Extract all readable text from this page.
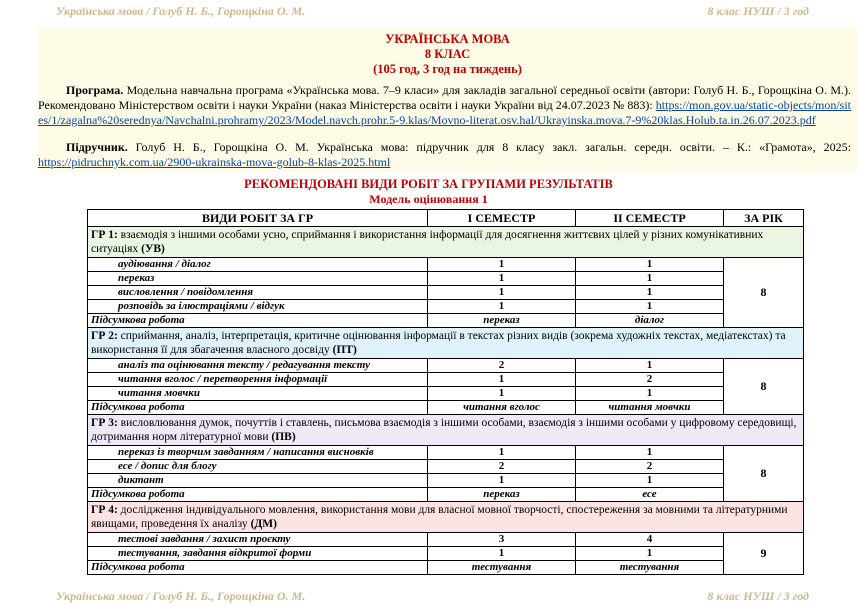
Українська мова / Голуб Н. Б., Горощкіна О. М.	8 клас НУШ / 3 год
УКРАЇНСЬКА МОВА
8 КЛАС
(105 год, 3 год на тиждень)
Програма. Модельна навчальна програма «Українська мова. 7–9 класи» для закладів загальної середньої освіти (автори: Голуб Н. Б., Горощкіна О. М.). Рекомендовано Міністерством освіти і науки України (наказ Міністерства освіти і науки України від 24.07.2023 № 883): https://mon.gov.ua/static-objects/mon/sites/1/zagalna%20serednya/Navchalni.prohramy/2023/Model.navch.prohr.5-9.klas/Movno-literat.osv.hal/Ukrayinska.mova.7-9%20klas.Holub.ta.in.26.07.2023.pdf
Підручник. Голуб Н. Б., Горощкіна О. М. Українська мова: підручник для 8 класу закл. загальн. середн. освіти. – К.: «Грамота», 2025: https://pidruchnyk.com.ua/2900-ukrainska-mova-golub-8-klas-2025.html
РЕКОМЕНДОВАНІ ВИДИ РОБІТ ЗА ГРУПАМИ РЕЗУЛЬТАТІВ
Модель оцінювання 1
ВИДИ РОБІТ ЗА ГР	І СЕМЕСТР	ІІ СЕМЕСТР	ЗА РІК
ГР 1: взаємодія з іншими особами усно, сприймання і використання інформації для досягнення життєвих цілей у різних комунікативних ситуаціях (УВ)			
аудіювання / діалог	1	1	8
переказ	1	1	
висловлення / повідомлення	1	1	
розповідь за ілюстраціями / відгук	1	1	
Підсумкова робота	переказ	діалог	
ГР 2: сприймання, аналіз, інтерпретація, критичне оцінювання інформації в текстах різних видів (зокрема художніх текстах, медіатекстах) та використання її для збагачення власного досвіду (ПТ)			
аналіз та оцінювання тексту / редагування тексту	2	1	8
читання вголос / перетворення інформації	1	2	
читання мовчки	1	1	
Підсумкова робота	читання вголос	читання мовчки	
ГР 3: висловлювання думок, почуттів і ставлень, письмова взаємодія з іншими особами, взаємодія з іншими особами у цифровому середовищі, дотримання норм літературної мови (ПВ)			
переказ із творчим завданням / написання висновків	1	1	8
есе / допис для блогу	2	2	
диктант	1	1	
Підсумкова робота	переказ	есе	
ГР 4: дослідження індивідуального мовлення, використання мови для власної мовної творчості, спостереження за мовними та літературними явищами, проведення їх аналізу (ДМ)			
тестові завдання / захист проєкту	3	4	9
тестування, завдання відкритої форми	1	1	
Підсумкова робота	тестування	тестування	
Українська мова / Голуб Н. Б., Горощкіна О. М.	8 клас НУШ / 3 год
